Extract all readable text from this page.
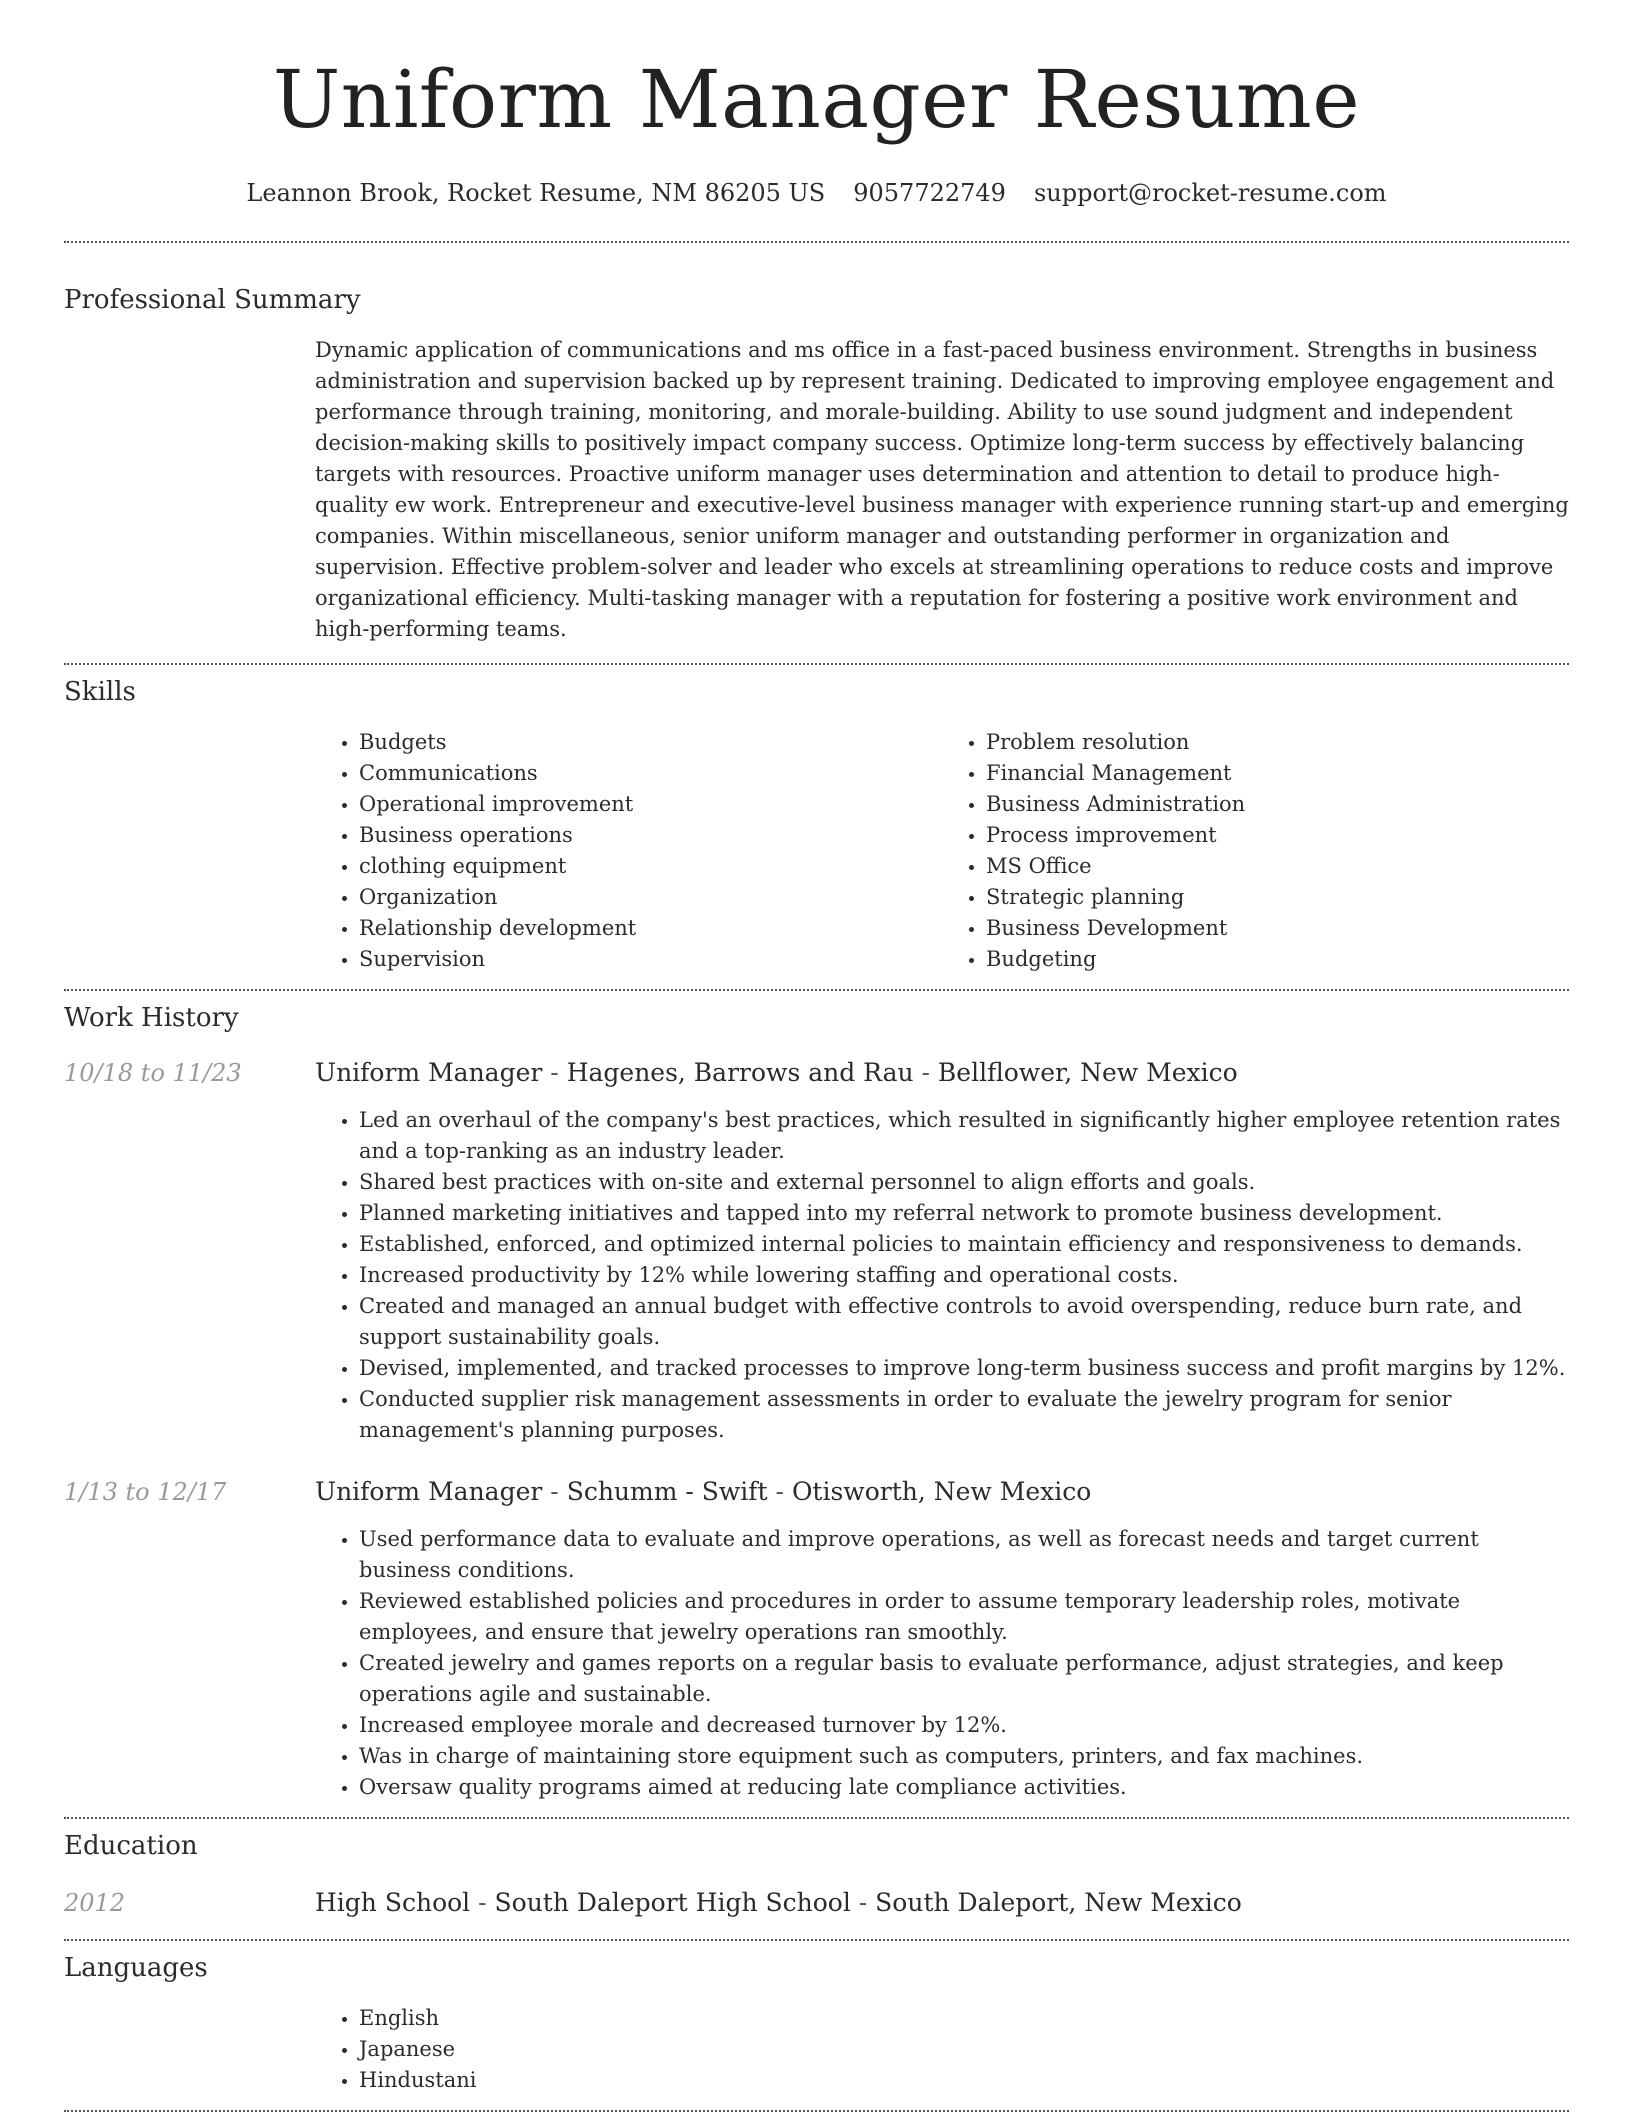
Uniform Manager Resume
Leannon Brook, Rocket Resume, NM 86205 US 9057722749 support@rocket-resume.com
Professional Summary

Dynamic application of communications and ms office in a fast-paced business environment. Strengths in business administration and supervision backed up by represent training. Dedicated to improving employee engagement and performance through training, monitoring, and morale-building. Ability to use sound judgment and independent decision-making skills to positively impact company success. Optimize long-term success by effectively balancing targets with resources. Proactive uniform manager uses determination and attention to detail to produce high-quality ew work. Entrepreneur and executive-level business manager with experience running start-up and emerging companies. Within miscellaneous, senior uniform manager and outstanding performer in organization and supervision. Effective problem-solver and leader who excels at streamlining operations to reduce costs and improve organizational efficiency. Multi-tasking manager with a reputation for fostering a positive work environment and high-performing teams.

Skills
• Budgets
• Communications
• Operational improvement
• Business operations
• clothing equipment
• Organization
• Relationship development
• Supervision
• Problem resolution
• Financial Management
• Business Administration
• Process improvement
• MS Office
• Strategic planning
• Business Development
• Budgeting
Work History
10/18 to 11/23	Uniform Manager - Hagenes, Barrows and Rau - Bellflower, New Mexico
• Led an overhaul of the company's best practices, which resulted in significantly higher employee retention rates and a top-ranking as an industry leader.
• Shared best practices with on-site and external personnel to align efforts and goals.
• Planned marketing initiatives and tapped into my referral network to promote business development.
• Established, enforced, and optimized internal policies to maintain efficiency and responsiveness to demands.
• Increased productivity by 12% while lowering staffing and operational costs.
• Created and managed an annual budget with effective controls to avoid overspending, reduce burn rate, and support sustainability goals.
• Devised, implemented, and tracked processes to improve long-term business success and profit margins by 12%.
• Conducted supplier risk management assessments in order to evaluate the jewelry program for senior management's planning purposes.
1/13 to 12/17	Uniform Manager - Schumm - Swift - Otisworth, New Mexico
• Used performance data to evaluate and improve operations, as well as forecast needs and target current business conditions.
• Reviewed established policies and procedures in order to assume temporary leadership roles, motivate employees, and ensure that jewelry operations ran smoothly.
• Created jewelry and games reports on a regular basis to evaluate performance, adjust strategies, and keep operations agile and sustainable.
• Increased employee morale and decreased turnover by 12%.
• Was in charge of maintaining store equipment such as computers, printers, and fax machines.
• Oversaw quality programs aimed at reducing late compliance activities.
Education
2012	High School - South Daleport High School - South Daleport, New Mexico
Languages
• English
• Japanese
• Hindustani
